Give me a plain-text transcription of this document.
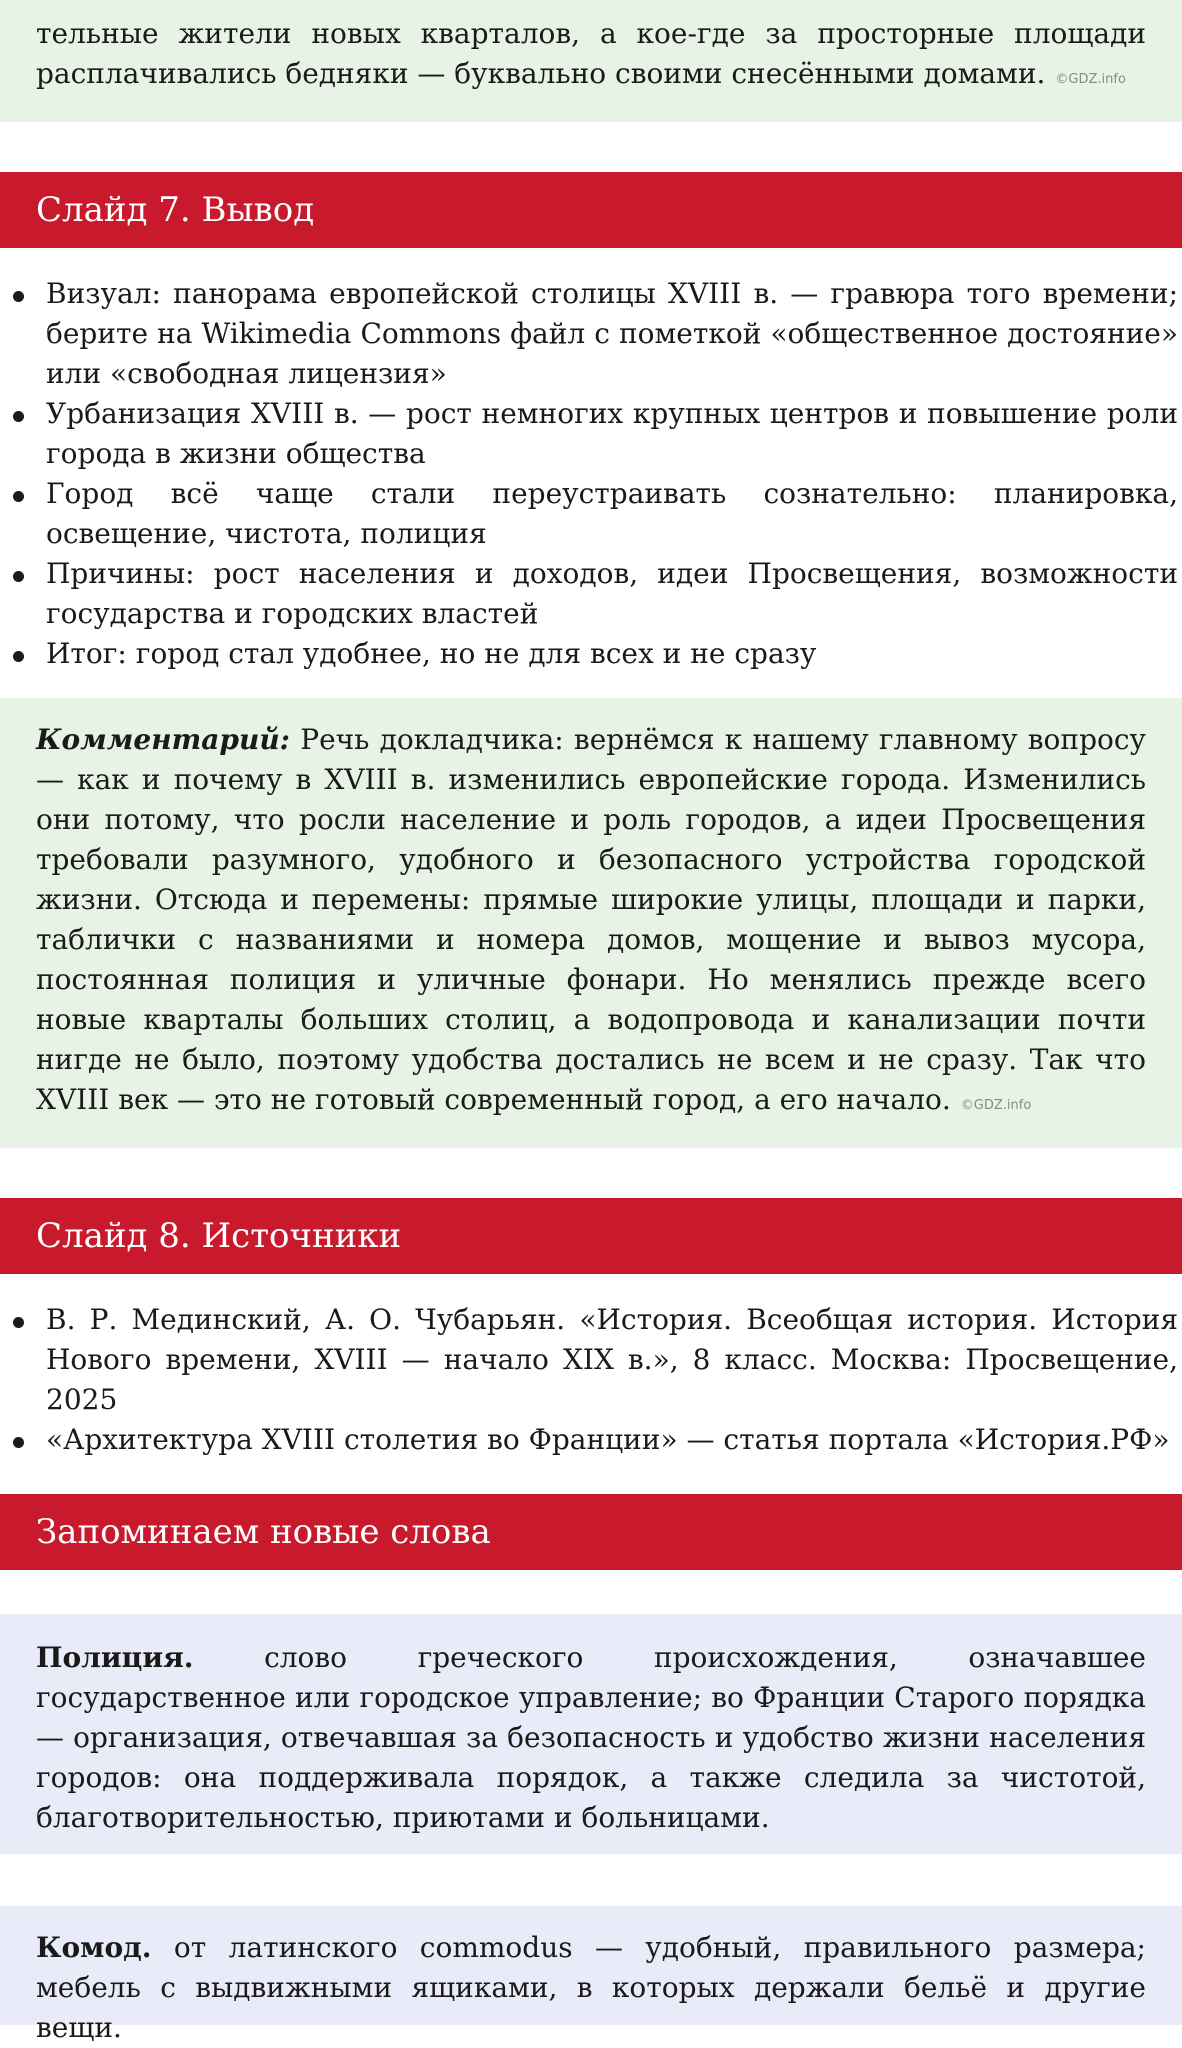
тельные жители новых кварталов, а кое-где за просторные площади расплачивались бедняки — буквально своими снесёнными домами. ©GDZ.info
Слайд 7. Вывод
Визуал: панорама европейской столицы XVIII в. — гравюра того времени; берите на Wikimedia Commons файл с пометкой «общественное достояние» или «свободная лицензия»
Урбанизация XVIII в. — рост немногих крупных центров и повышение роли города в жизни общества
Город всё чаще стали переустраивать сознательно: планировка, освещение, чистота, полиция
Причины: рост населения и доходов, идеи Просвещения, возможности государства и городских властей
Итог: город стал удобнее, но не для всех и не сразу
Комментарий: Речь докладчика: вернёмся к нашему главному вопросу — как и почему в XVIII в. изменились европейские города. Изменились они потому, что росли население и роль городов, а идеи Просвещения требовали разумного, удобного и безопасного устройства городской жизни. Отсюда и перемены: прямые широкие улицы, площади и парки, таблички с названиями и номера домов, мощение и вывоз мусора, постоянная полиция и уличные фонари. Но менялись прежде всего новые кварталы больших столиц, а водопровода и канализации почти нигде не было, поэтому удобства достались не всем и не сразу. Так что XVIII век — это не готовый современный город, а его начало. ©GDZ.info
Слайд 8. Источники
В. Р. Мединский, А. О. Чубарьян. «История. Всеобщая история. История Нового времени, XVIII — начало XIX в.», 8 класс. Москва: Просвещение, 2025
«Архитектура XVIII столетия во Франции» — статья портала «История.РФ»
Запоминаем новые слова
Полиция.	слово греческого происхождения, означавшее государственное или городское управление; во Франции Старого порядка — организация, отвечавшая за безопасность и удобство жизни населения городов: она поддерживала порядок, а также следила за чистотой, благотворительностью, приютами и больницами.
Комод. от латинского commodus — удобный, правильного размера; мебель с выдвижными ящиками, в которых держали бельё и другие вещи.
